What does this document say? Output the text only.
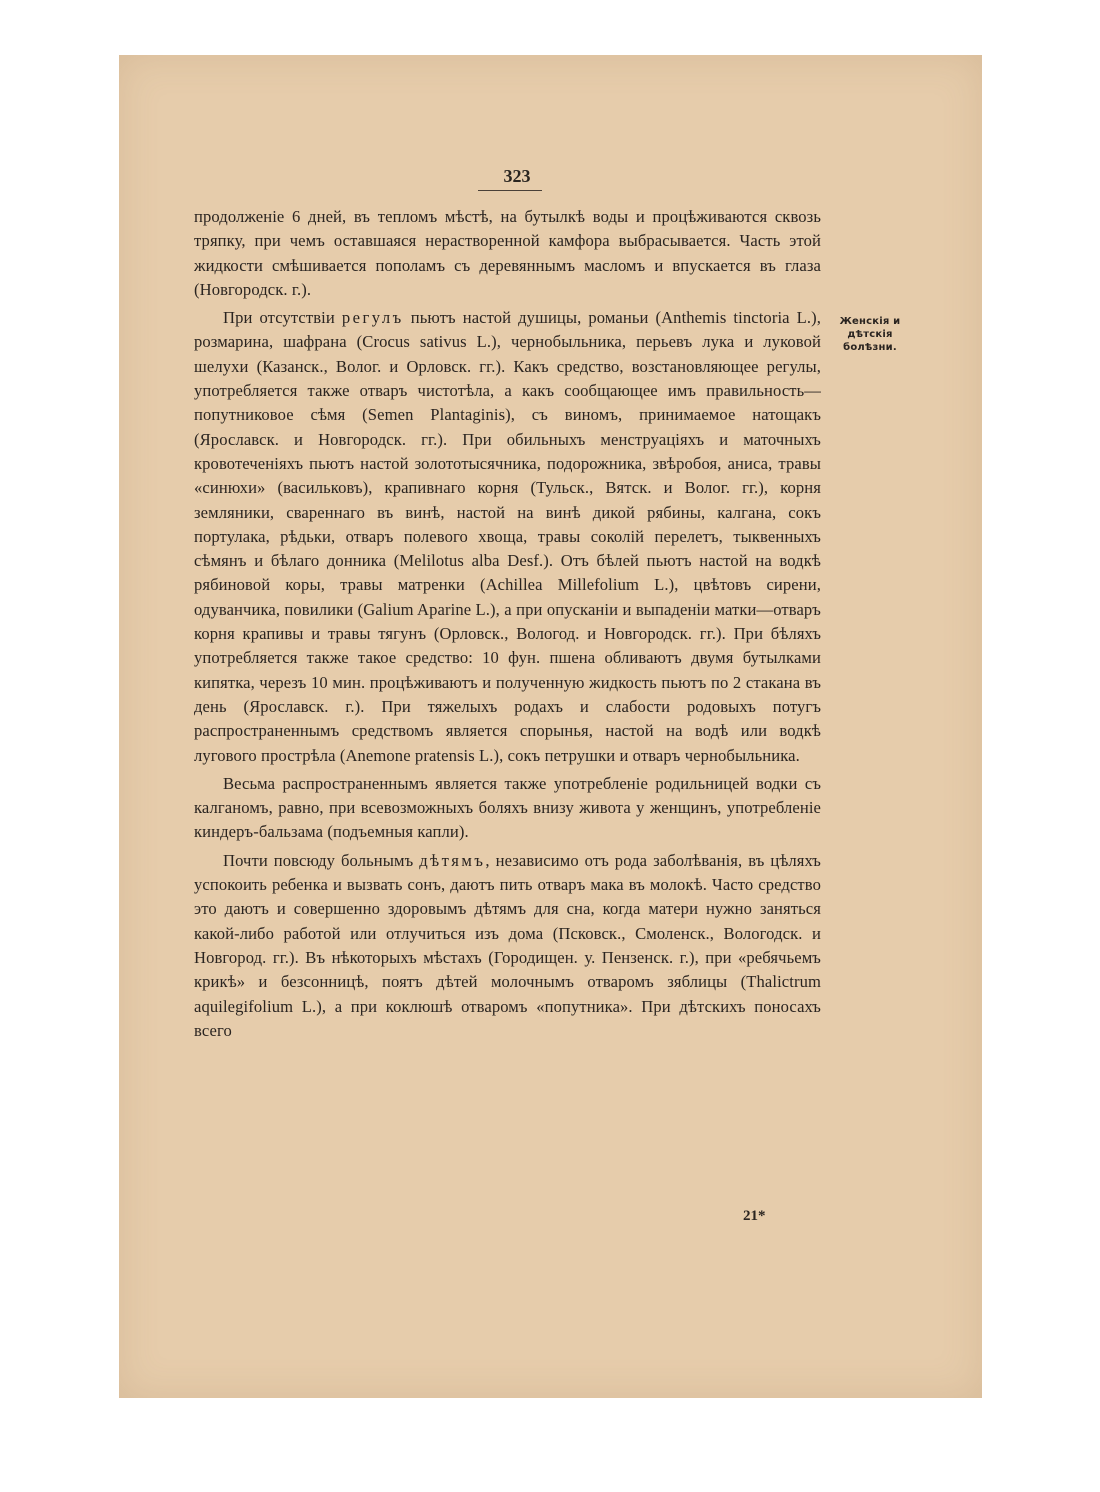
323

продолженіе 6 дней, въ тепломъ мѣстѣ, на бутылкѣ воды и процѣживаются сквозь тряпку, при чемъ оставшаяся нерастворенной камфора выбрасывается. Часть этой жидкости смѣшивается пополамъ съ деревяннымъ масломъ и впускается въ глаза (Новгородск. г.).

При отсутствіи регулъ пьютъ настой душицы, романьи (Anthemis tinctoria L.), розмарина, шафрана (Crocus sativus L.), чернобыльника, перьевъ лука и луковой шелухи (Казанск., Волог. и Орловск. гг.). Какъ средство, возстановляющее регулы, употребляется также отваръ чистотѣла, а какъ сообщающее имъ правильность—попутниковое сѣмя (Semen Plantaginis), съ виномъ, принимаемое натощакъ (Ярославск. и Новгородск. гг.). При обильныхъ менструаціяхъ и маточныхъ кровотеченіяхъ пьютъ настой золототысячника, подорожника, звѣробоя, аниса, травы «синюхи» (васильковъ), крапивнаго корня (Тульск., Вятск. и Волог. гг.), корня земляники, свареннаго въ винѣ, настой на винѣ дикой рябины, калгана, сокъ портулака, рѣдьки, отваръ полевого хвоща, травы соколій перелетъ, тыквенныхъ сѣмянъ и бѣлаго донника (Melilotus alba Desf.). Отъ бѣлей пьютъ настой на водкѣ рябиновой коры, травы матренки (Achillea Millefolium L.), цвѣтовъ сирени, одуванчика, повилики (Galium Aparine L.), а при опусканіи и выпаденіи матки—отваръ корня крапивы и травы тягунъ (Орловск., Вологод. и Новгородск. гг.). При бѣляхъ употребляется также такое средство: 10 фун. пшена обливаютъ двумя бутылками кипятка, черезъ 10 мин. процѣживаютъ и полученную жидкость пьютъ по 2 стакана въ день (Ярославск. г.). При тяжелыхъ родахъ и слабости родовыхъ потугъ распространеннымъ средствомъ является спорынья, настой на водѣ или водкѣ лугового прострѣла (Anemone pratensis L.), сокъ петрушки и отваръ чернобыльника.

Весьма распространеннымъ является также употребленіе родильницей водки съ калганомъ, равно, при всевозможныхъ боляхъ внизу живота у женщинъ, употребленіе киндеръ-бальзама (подъемныя капли).

Почти повсюду больнымъ дѣтямъ, независимо отъ рода заболѣванія, въ цѣляхъ успокоить ребенка и вызвать сонъ, даютъ пить отваръ мака въ молокѣ. Часто средство это даютъ и совершенно здоровымъ дѣтямъ для сна, когда матери нужно заняться какой-либо работой или отлучиться изъ дома (Псковск., Смоленск., Вологодск. и Новгород. гг.). Въ нѣкоторыхъ мѣстахъ (Городищен. у. Пензенск. г.), при «ребячьемъ крикѣ» и безсонницѣ, поятъ дѣтей молочнымъ отваромъ зяблицы (Thalictrum aquilegifolium L.), а при коклюшѣ отваромъ «попутника». При дѣтскихъ поносахъ всего

Женскія и дѣтскія болѣзни.
21*
